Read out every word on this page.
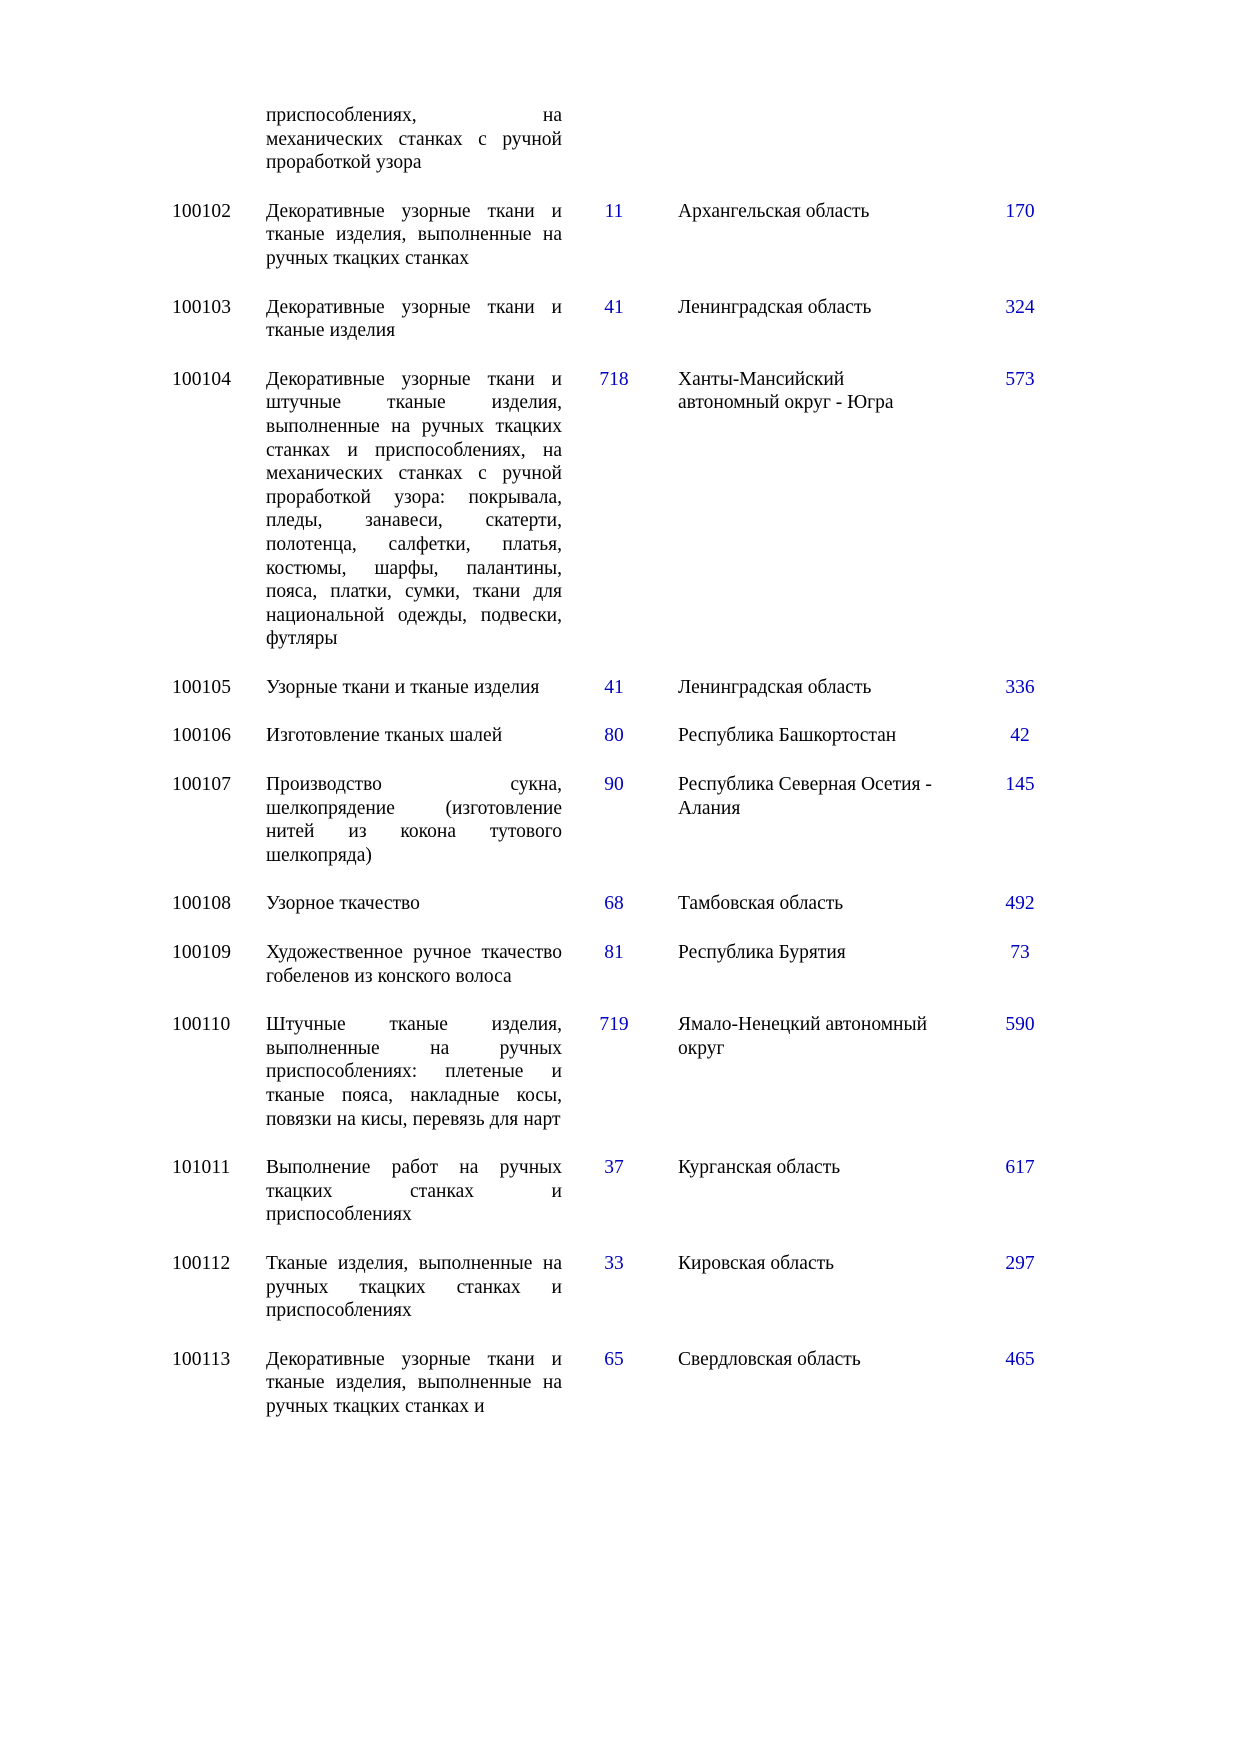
		приспособлениях, на механических станках с ручной проработкой узора				
100102		Декоративные узорные ткани и тканые изделия, выполненные на ручных ткацких станках	11		Архангельская область	170
100103		Декоративные узорные ткани и тканые изделия	41		Ленинградская область	324
100104		Декоративные узорные ткани и штучные тканые изделия, выполненные на ручных ткацких станках и приспособлениях, на механических станках с ручной проработкой узора: покрывала, пледы, занавеси, скатерти, полотенца, салфетки, платья, костюмы, шарфы, палантины, пояса, платки, сумки, ткани для национальной одежды, подвески, футляры	718		Ханты-Мансийский автономный округ - Югра	573
100105		Узорные ткани и тканые изделия	41		Ленинградская область	336
100106		Изготовление тканых шалей	80		Республика Башкортостан	42
100107		Производство сукна, шелкопрядение (изготовление нитей из кокона тутового шелкопряда)	90		Республика Северная Осетия - Алания	145
100108		Узорное ткачество	68		Тамбовская область	492
100109		Художественное ручное ткачество гобеленов из конского волоса	81		Республика Бурятия	73
100110		Штучные тканые изделия, выполненные на ручных приспособлениях: плетеные и тканые пояса, накладные косы, повязки на кисы, перевязь для нарт	719		Ямало-Ненецкий автономный округ	590
101011		Выполнение работ на ручных ткацких станках и приспособлениях	37		Курганская область	617
100112		Тканые изделия, выполненные на ручных ткацких станках и приспособлениях	33		Кировская область	297
100113		Декоративные узорные ткани и тканые изделия, выполненные на ручных ткацких станках и	65		Свердловская область	465
